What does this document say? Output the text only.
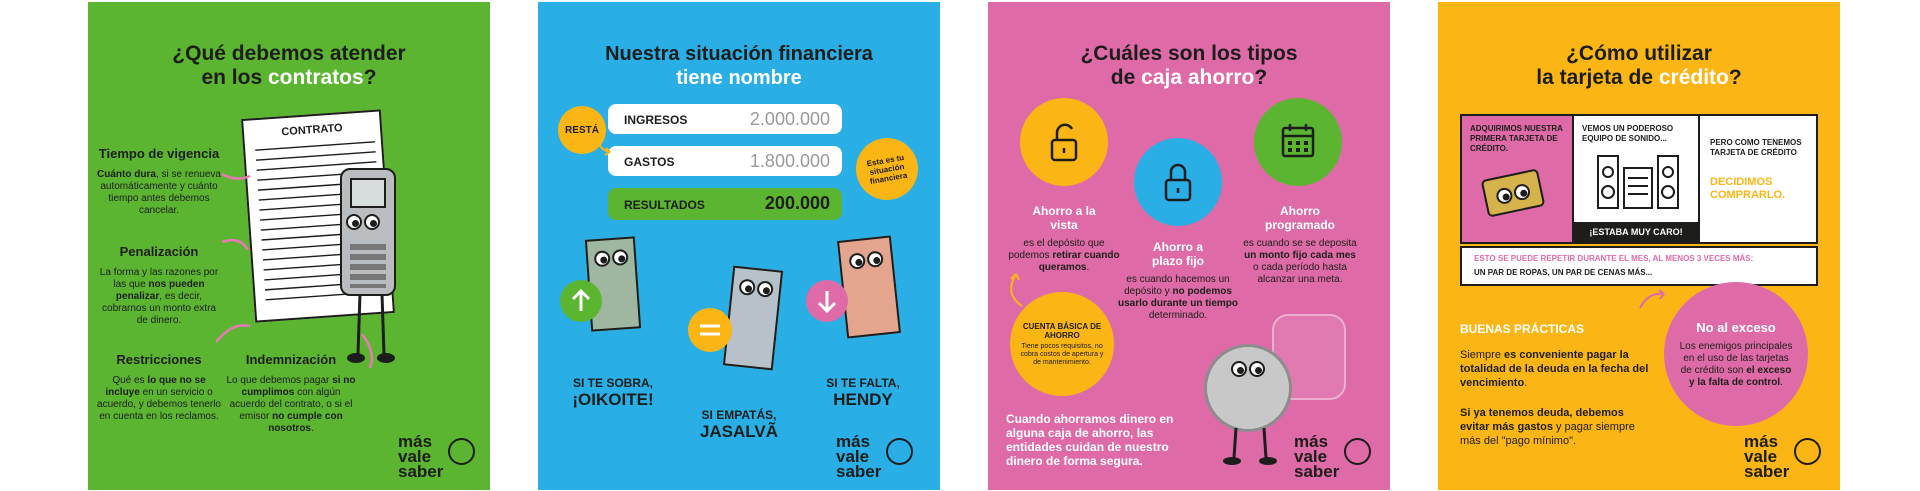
¿Qué debemos atender
en los contratos?
CONTRATO
Tiempo de vigencia
Cuánto dura, si se renueva automáticamente y cuánto tiempo antes debemos cancelar.
Penalización
La forma y las razones por las que nos pueden penalizar, es decir, cobrarnos un monto extra de dinero.
Restricciones
Qué es lo que no se incluye en un servicio o acuerdo, y debemos tenerlo en cuenta en los reclamos.
Indemnización
Lo que debemos pagar si no cumplimos con algún acuerdo del contrato, o si el emisor no cumple con nosotros.
más
vale
saber
Nuestra situación financiera
tiene nombre
RESTÁ
INGRESOS	2.000.000
GASTOS	1.800.000
RESULTADOS	200.000
Esta es tu situación financiera
SI TE SOBRA,
¡OIKOITE!
SI EMPATÁS,
JASALVÃ
SI TE FALTA,
HENDY
más
vale
saber
¿Cuáles son los tipos
de caja ahorro?
Ahorro a la vista
es el depósito que podemos retirar cuando queramos.
Ahorro a plazo fijo
es cuando hacemos un depósito y no podemos usarlo durante un tiempo determinado.
Ahorro programado
es cuando se se deposita un monto fijo cada mes o cada período hasta alcanzar una meta.
CUENTA BÁSICA DE AHORRO
Tiene pocos requisitos, no cobra costos de apertura y de mantenimiento.
Cuando ahorramos dinero en alguna caja de ahorro, las entidades cuidan de nuestro dinero de forma segura.
más
vale
saber
¿Cómo utilizar
la tarjeta de crédito?
ADQUIRIMOS NUESTRA PRIMERA TARJETA DE CRÉDITO.
VEMOS UN PODEROSO EQUIPO DE SONIDO...
¡ESTABA MUY CARO!
PERO COMO TENEMOS TARJETA DE CRÉDITO
DECIDIMOS COMPRARLO.
ESTO SE PUEDE REPETIR DURANTE EL MES, AL MENOS 3 VECES MÁS:
UN PAR DE ROPAS, UN PAR DE CENAS MÁS...
No al exceso
Los enemigos principales en el uso de las tarjetas de crédito son el exceso y la falta de control.
BUENAS PRÁCTICAS
Siempre es conveniente pagar la totalidad de la deuda en la fecha del vencimiento.
Si ya tenemos deuda, debemos evitar más gastos y pagar siempre más del "pago mínimo".	más
vale
saber
